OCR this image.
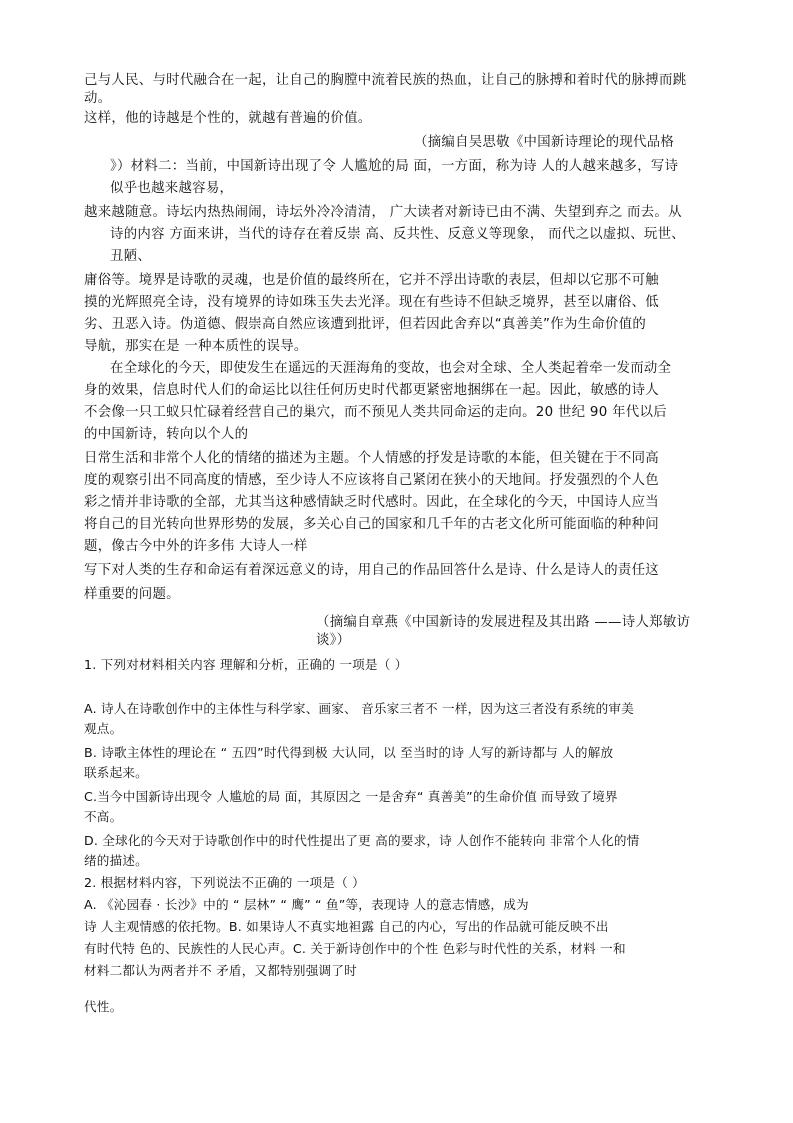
己与人民、与时代融合在一起，让自己的胸膛中流着民族的热血，让自己的脉搏和着时代的脉搏而跳

动。

这样，他的诗越是个性的，就越有普遍的价值。

（摘编自吴思敬《中国新诗理论的现代品格

》）材料二：当前，中国新诗出现了令 人尴尬的局 面，一方面，称为诗 人的人越来越多，写诗

似乎也越来越容易，

越来越随意。诗坛内热热闹闹，诗坛外冷冷清清， 广大读者对新诗已由不满、失望到弃之 而去。从

诗的内容 方面来讲，当代的诗存在着反崇 高、反共性、反意义等现象， 而代之以虚拟、玩世、

丑陋、

庸俗等。境界是诗歌的灵魂，也是价值的最终所在，它并不浮出诗歌的表层，但却以它那不可触

摸的光辉照亮全诗，没有境界的诗如珠玉失去光泽。现在有些诗不但缺乏境界，甚至以庸俗、低

劣、丑恶入诗。伪道德、假崇高自然应该遭到批评，但若因此舍弃以“真善美”作为生命价值的

导航，那实在是 一种本质性的误导。

在全球化的今天，即使发生在遥远的天涯海角的变故，也会对全球、全人类起着牵一发而动全

身的效果，信息时代人们的命运比以往任何历史时代都更紧密地捆绑在一起。因此，敏感的诗人

不会像一只工蚁只忙碌着经营自己的巢穴，而不预见人类共同命运的走向。20 世纪 90 年代以后

的中国新诗，转向以个人的

日常生活和非常个人化的情绪的描述为主题。个人情感的抒发是诗歌的本能，但关键在于不同高

度的观察引出不同高度的情感，至少诗人不应该将自己紧闭在狭小的天地间。抒发强烈的个人色

彩之情并非诗歌的全部，尤其当这种感情缺乏时代感时。因此，在全球化的今天，中国诗人应当

将自己的目光转向世界形势的发展，多关心自己的国家和几千年的古老文化所可能面临的种种问

题，像古今中外的许多伟 大诗人一样

写下对人类的生存和命运有着深远意义的诗，用自己的作品回答什么是诗、什么是诗人的责任这

样重要的问题。

（摘编自章燕《中国新诗的发展进程及其出路 ——诗人郑敏访

谈》）

1. 下列对材料相关内容 理解和分析，正确的 一项是（ ）

A. 诗人在诗歌创作中的主体性与科学家、画家、 音乐家三者不 一样，因为这三者没有系统的审美

观点。

B. 诗歌主体性的理论在 “ 五四”时代得到极 大认同，以 至当时的诗 人写的新诗都与 人的解放

联系起来。

C.当今中国新诗出现令 人尴尬的局 面，其原因之 一是舍弃“ 真善美”的生命价值 而导致了境界

不高。

D. 全球化的今天对于诗歌创作中的时代性提出了更 高的要求，诗 人创作不能转向 非常个人化的情

绪的描述。

2. 根据材料内容，下列说法不正确的 一项是（ ）

A. 《沁园春 · 长沙》中的 “ 层林” “ 鹰” “ 鱼”等，表现诗 人的意志情感，成为

诗 人主观情感的依托物。B. 如果诗人不真实地袒露 自己的内心，写出的作品就可能反映不出

有时代特 色的、民族性的人民心声。C. 关于新诗创作中的个性 色彩与时代性的关系，材料 一和

材料二都认为两者并不 矛盾，又都特别强调了时

代性。
